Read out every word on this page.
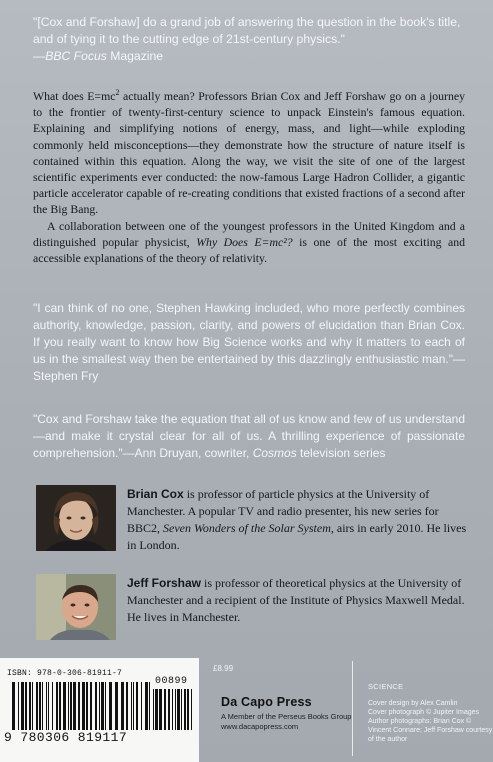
"[Cox and Forshaw] do a grand job of answering the question in the book's title, and of tying it to the cutting edge of 21st-century physics."
—BBC Focus Magazine

What does $E=mc^2$ actually mean? Professors Brian Cox and Jeff Forshaw go on a journey to the frontier of twenty-first-century science to unpack Einstein's famous equation. Explaining and simplifying notions of energy, mass, and light—while exploding commonly held misconceptions—they demonstrate how the structure of nature itself is contained within this equation. Along the way, we visit the site of one of the largest scientific experiments ever conducted: the now-famous Large Hadron Collider, a gigantic particle accelerator capable of re-creating conditions that existed fractions of a second after the Big Bang.

A collaboration between one of the youngest professors in the United Kingdom and a distinguished popular physicist, Why Does E=mc²? is one of the most exciting and accessible explanations of the theory of relativity.

"I can think of no one, Stephen Hawking included, who more perfectly combines authority, knowledge, passion, clarity, and powers of elucidation than Brian Cox. If you really want to know how Big Science works and why it matters to each of us in the smallest way then be entertained by this dazzlingly enthusiastic man."—Stephen Fry
"Cox and Forshaw take the equation that all of us know and few of us understand—and make it crystal clear for all of us. A thrilling experience of passionate comprehension."—Ann Druyan, cowriter, Cosmos television series
Brian Cox is professor of particle physics at the University of Manchester. A popular TV and radio presenter, his new series for BBC2, Seven Wonders of the Solar System, airs in early 2010. He lives in London.
Jeff Forshaw is professor of theoretical physics at the University of Manchester and a recipient of the Institute of Physics Maxwell Medal. He lives in Manchester.
ISBN: 978-0-306-81911-7
00899
9 780306 819117
£8.99
Da Capo Press
A Member of the Perseus Books Group
www.dacapopress.com
SCIENCE
Cover design by Alex Camlin
Cover photograph © Jupiter Images
Author photographs: Brian Cox ©
Vincent Connare; Jeff Forshaw courtesy
of the author
